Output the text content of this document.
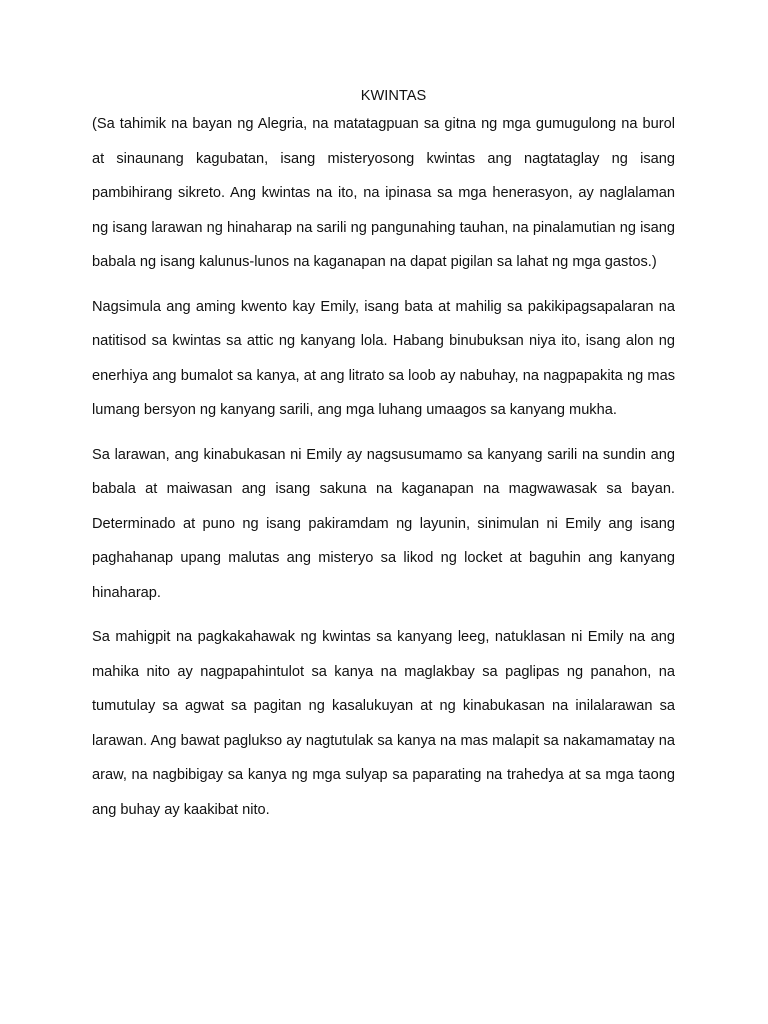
KWINTAS

(Sa tahimik na bayan ng Alegria, na matatagpuan sa gitna ng mga gumugulong na burol at sinaunang kagubatan, isang misteryosong kwintas ang nagtataglay ng isang pambihirang sikreto. Ang kwintas na ito, na ipinasa sa mga henerasyon, ay naglalaman ng isang larawan ng hinaharap na sarili ng pangunahing tauhan, na pinalamutian ng isang babala ng isang kalunus-lunos na kaganapan na dapat pigilan sa lahat ng mga gastos.)

Nagsimula ang aming kwento kay Emily, isang bata at mahilig sa pakikipagsapalaran na natitisod sa kwintas sa attic ng kanyang lola. Habang binubuksan niya ito, isang alon ng enerhiya ang bumalot sa kanya, at ang litrato sa loob ay nabuhay, na nagpapakita ng mas lumang bersyon ng kanyang sarili, ang mga luhang umaagos sa kanyang mukha.

Sa larawan, ang kinabukasan ni Emily ay nagsusumamo sa kanyang sarili na sundin ang babala at maiwasan ang isang sakuna na kaganapan na magwawasak sa bayan. Determinado at puno ng isang pakiramdam ng layunin, sinimulan ni Emily ang isang paghahanap upang malutas ang misteryo sa likod ng locket at baguhin ang kanyang hinaharap.

Sa mahigpit na pagkakahawak ng kwintas sa kanyang leeg, natuklasan ni Emily na ang mahika nito ay nagpapahintulot sa kanya na maglakbay sa paglipas ng panahon, na tumutulay sa agwat sa pagitan ng kasalukuyan at ng kinabukasan na inilalarawan sa larawan. Ang bawat paglukso ay nagtutulak sa kanya na mas malapit sa nakamamatay na araw, na nagbibigay sa kanya ng mga sulyap sa paparating na trahedya at sa mga taong ang buhay ay kaakibat nito.
